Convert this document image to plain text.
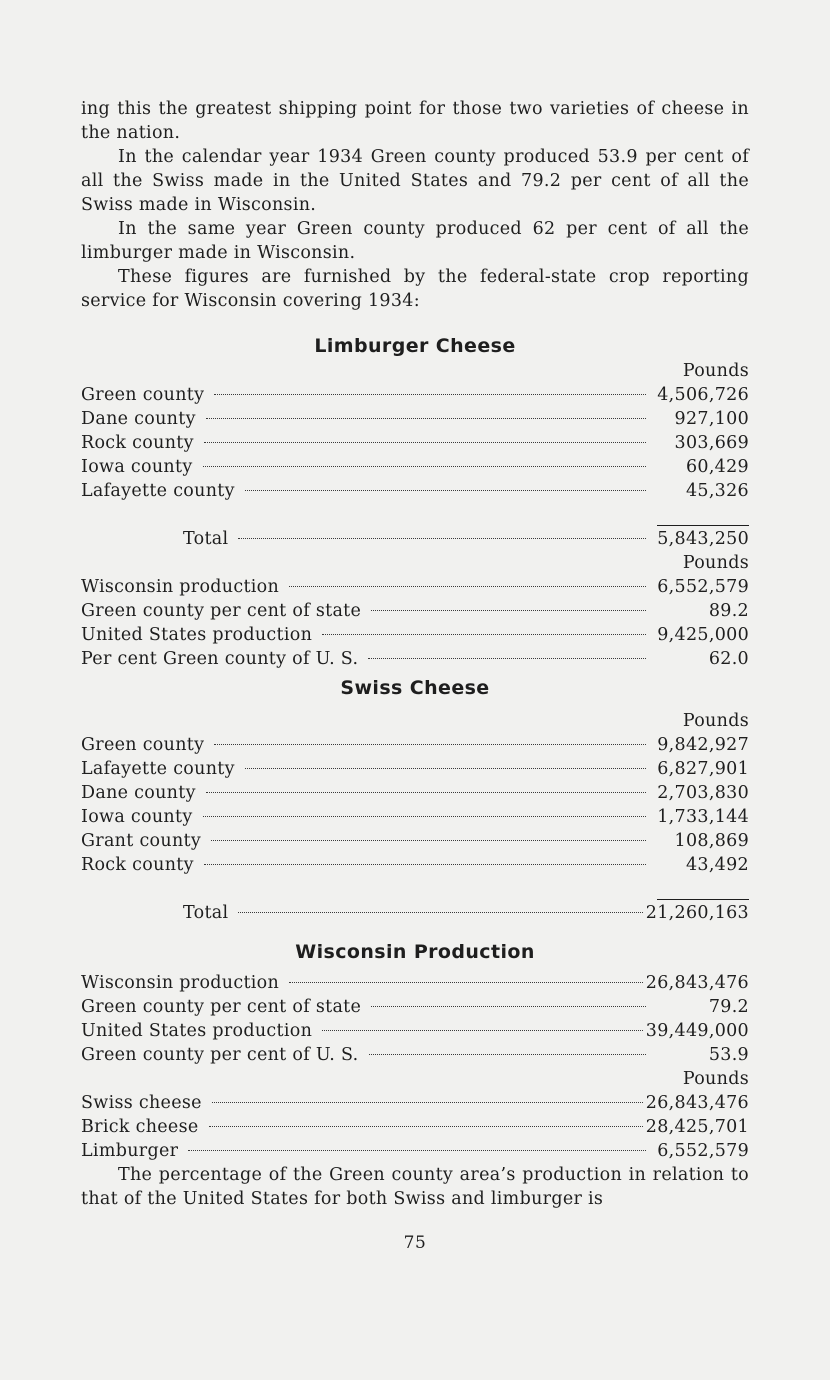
ing this the greatest shipping point for those two varieties of cheese in the nation.

In the calendar year 1934 Green county produced 53.9 per cent of all the Swiss made in the United States and 79.2 per cent of all the Swiss made in Wisconsin.

In the same year Green county produced 62 per cent of all the limburger made in Wisconsin.

These figures are furnished by the federal-state crop reporting service for Wisconsin covering 1934:

Limburger Cheese
Pounds
Green county	4,506,726
Dane county	927,100
Rock county	303,669
Iowa county	60,429
Lafayette county	45,326
Total	5,843,250
Pounds
Wisconsin production	6,552,579
Green county per cent of state	89.2
United States production	9,425,000
Per cent Green county of U. S.	62.0
Swiss Cheese
Pounds
Green county	9,842,927
Lafayette county	6,827,901
Dane county	2,703,830
Iowa county	1,733,144
Grant county	108,869
Rock county	43,492
Total	21,260,163
Wisconsin Production
Wisconsin production	26,843,476
Green county per cent of state	79.2
United States production	39,449,000
Green county per cent of U. S.	53.9
Pounds
Swiss cheese	26,843,476
Brick cheese	28,425,701
Limburger	6,552,579

The percentage of the Green county area’s production in relation to that of the United States for both Swiss and limburger is

75
